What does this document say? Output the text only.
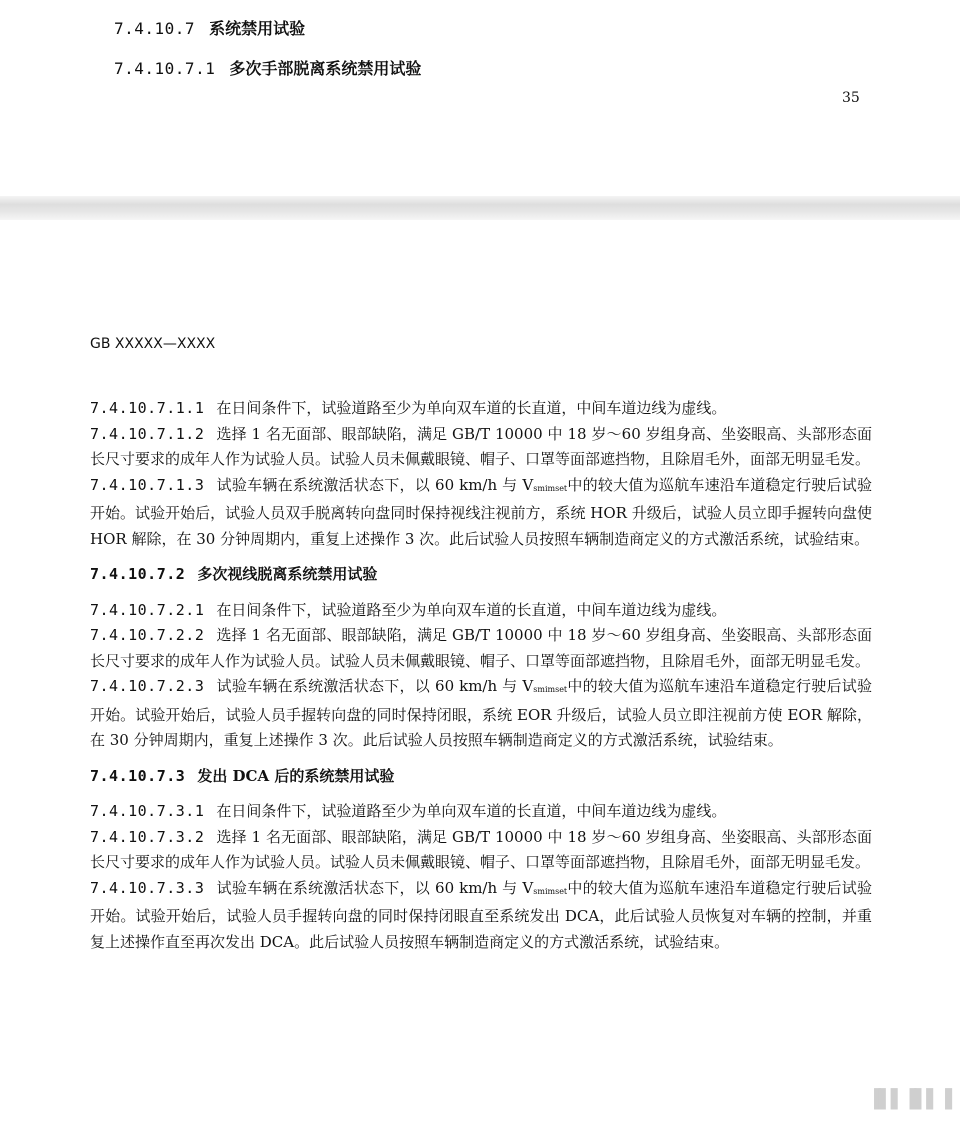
7.4.10.7 系统禁用试验

7.4.10.7.1 多次手部脱离系统禁用试验

35
GB XXXXX—XXXX

7.4.10.7.1.1 在日间条件下，试验道路至少为单向双车道的长直道，中间车道边线为虚线。

7.4.10.7.1.2 选择 1 名无面部、眼部缺陷，满足 GB/T 10000 中 18 岁～60 岁组身高、坐姿眼高、头部形态面长尺寸要求的成年人作为试验人员。试验人员未佩戴眼镜、帽子、口罩等面部遮挡物，且除眉毛外，面部无明显毛发。

7.4.10.7.1.3 试验车辆在系统激活状态下，以 60 km/h 与 $V_{smimset}$中的较大值为巡航车速沿车道稳定行驶后试验开始。试验开始后，试验人员双手脱离转向盘同时保持视线注视前方，系统 HOR 升级后，试验人员立即手握转向盘使 HOR 解除，在 30 分钟周期内，重复上述操作 3 次。此后试验人员按照车辆制造商定义的方式激活系统，试验结束。

7.4.10.7.2 多次视线脱离系统禁用试验

7.4.10.7.2.1 在日间条件下，试验道路至少为单向双车道的长直道，中间车道边线为虚线。

7.4.10.7.2.2 选择 1 名无面部、眼部缺陷，满足 GB/T 10000 中 18 岁～60 岁组身高、坐姿眼高、头部形态面长尺寸要求的成年人作为试验人员。试验人员未佩戴眼镜、帽子、口罩等面部遮挡物，且除眉毛外，面部无明显毛发。

7.4.10.7.2.3 试验车辆在系统激活状态下，以 60 km/h 与 $V_{smimset}$中的较大值为巡航车速沿车道稳定行驶后试验开始。试验开始后，试验人员手握转向盘的同时保持闭眼，系统 EOR 升级后，试验人员立即注视前方使 EOR 解除，在 30 分钟周期内，重复上述操作 3 次。此后试验人员按照车辆制造商定义的方式激活系统，试验结束。

7.4.10.7.3 发出 DCA 后的系统禁用试验

7.4.10.7.3.1 在日间条件下，试验道路至少为单向双车道的长直道，中间车道边线为虚线。

7.4.10.7.3.2 选择 1 名无面部、眼部缺陷，满足 GB/T 10000 中 18 岁～60 岁组身高、坐姿眼高、头部形态面长尺寸要求的成年人作为试验人员。试验人员未佩戴眼镜、帽子、口罩等面部遮挡物，且除眉毛外，面部无明显毛发。

7.4.10.7.3.3 试验车辆在系统激活状态下，以 60 km/h 与 $V_{smimset}$中的较大值为巡航车速沿车道稳定行驶后试验开始。试验开始后，试验人员手握转向盘的同时保持闭眼直至系统发出 DCA，此后试验人员恢复对车辆的控制，并重复上述操作直至再次发出 DCA。此后试验人员按照车辆制造商定义的方式激活系统，试验结束。

▐▌▌▐▌▌▐
